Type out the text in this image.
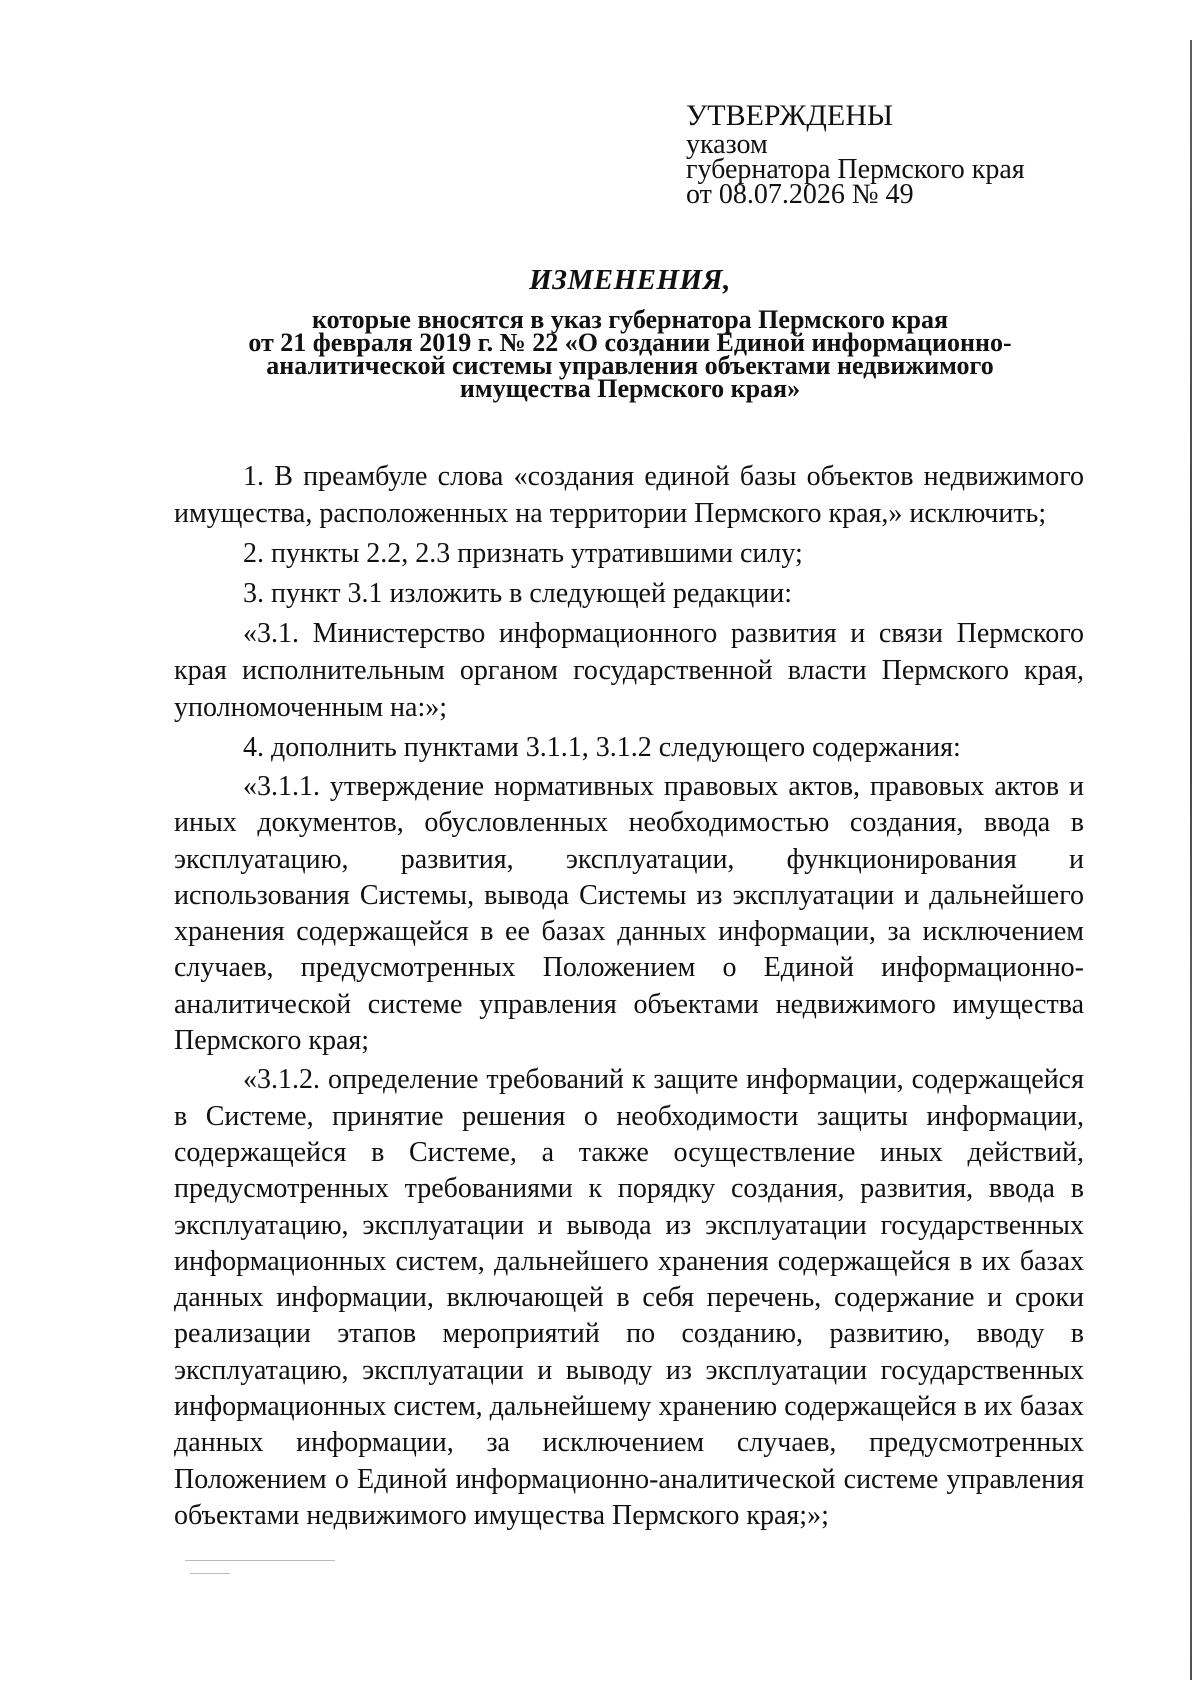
УТВЕРЖДЕНЫ
указом
губернатора Пермского края
от 08.07.2026 № 49
ИЗМЕНЕНИЯ,
которые вносятся в указ губернатора Пермского края
от 21 февраля 2019 г. № 22 «О создании Единой информационно-
аналитической системы управления объектами недвижимого
имущества Пермского края»

1. В преамбуле слова «создания единой базы объектов недвижимого имущества, расположенных на территории Пермского края,» исключить;

2. пункты 2.2, 2.3 признать утратившими силу;

3. пункт 3.1 изложить в следующей редакции:

«3.1. Министерство информационного развития и связи Пермского края исполнительным органом государственной власти Пермского края, уполномоченным на:»;

4. дополнить пунктами 3.1.1, 3.1.2 следующего содержания:

«3.1.1. утверждение нормативных правовых актов, правовых актов и иных документов, обусловленных необходимостью создания, ввода в эксплуатацию, развития, эксплуатации, функционирования и использования Системы, вывода Системы из эксплуатации и дальнейшего хранения содержащейся в ее базах данных информации, за исключением случаев, предусмотренных Положением о Единой информационно-аналитической системе управления объектами недвижимого имущества Пермского края;

«3.1.2. определение требований к защите информации, содержащейся в Системе, принятие решения о необходимости защиты информации, содержащейся в Системе, а также осуществление иных действий, предусмотренных требованиями к порядку создания, развития, ввода в эксплуатацию, эксплуатации и вывода из эксплуатации государственных информационных систем, дальнейшего хранения содержащейся в их базах данных информации, включающей в себя перечень, содержание и сроки реализации этапов мероприятий по созданию, развитию, вводу в эксплуатацию, эксплуатации и выводу из эксплуатации государственных информационных систем, дальнейшему хранению содержащейся в их базах данных информации, за исключением случаев, предусмотренных Положением о Единой информационно-аналитической системе управления объектами недвижимого имущества Пермского края;»;
